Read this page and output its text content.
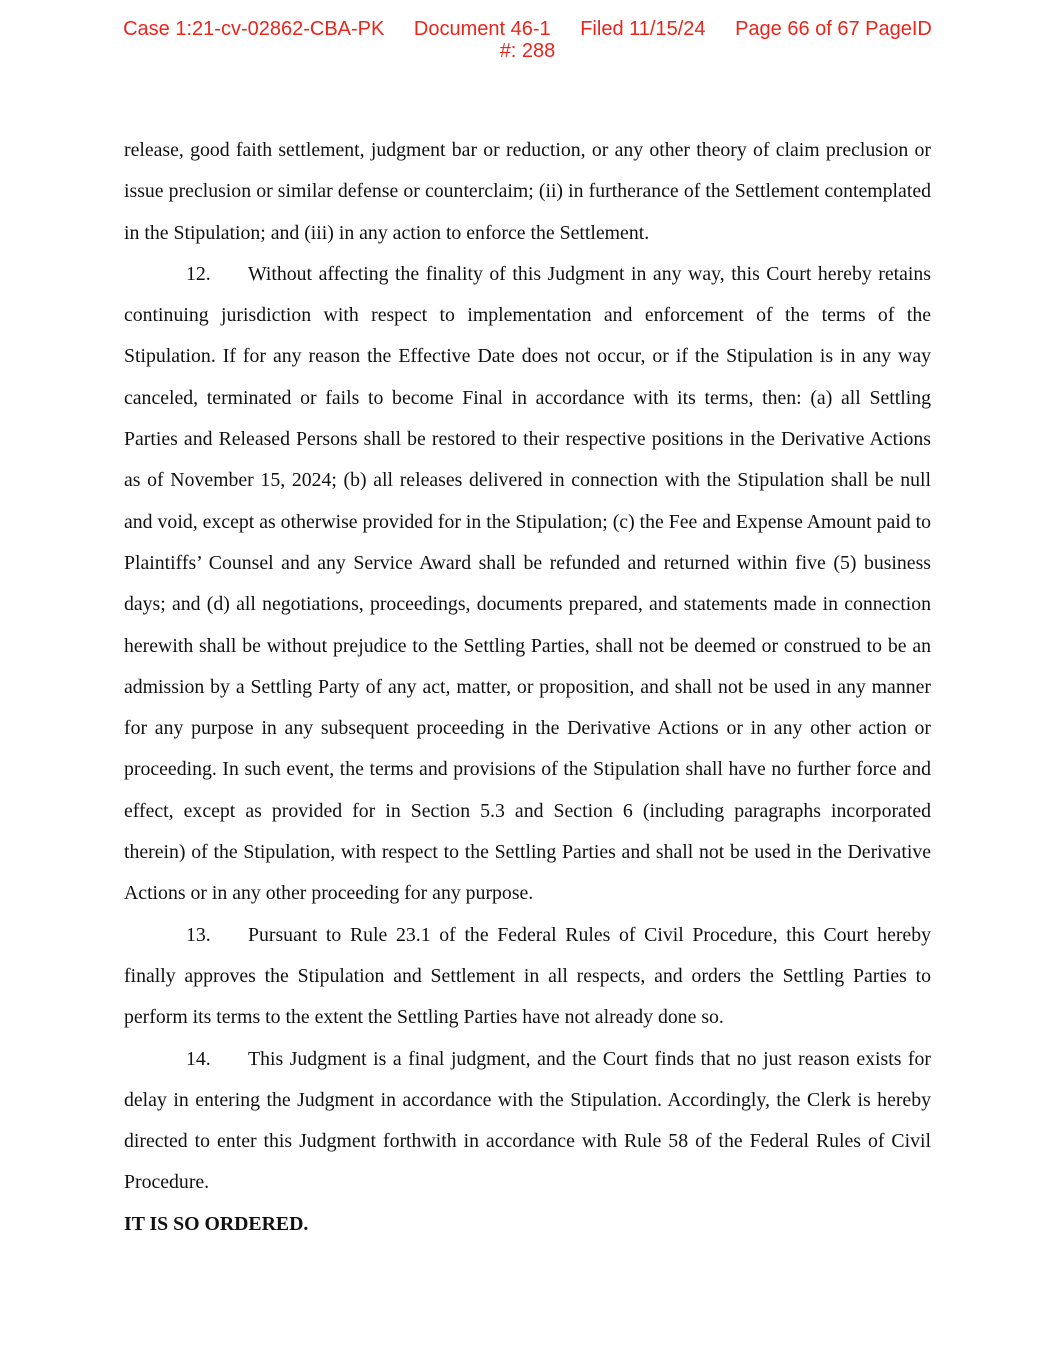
Case 1:21-cv-02862-CBA-PK Document 46-1 Filed 11/15/24 Page 66 of 67 PageID
#: 288

release, good faith settlement, judgment bar or reduction, or any other theory of claim preclusion or issue preclusion or similar defense or counterclaim; (ii) in furtherance of the Settlement contemplated in the Stipulation; and (iii) in any action to enforce the Settlement.

12. Without affecting the finality of this Judgment in any way, this Court hereby retains continuing jurisdiction with respect to implementation and enforcement of the terms of the Stipulation. If for any reason the Effective Date does not occur, or if the Stipulation is in any way canceled, terminated or fails to become Final in accordance with its terms, then: (a) all Settling Parties and Released Persons shall be restored to their respective positions in the Derivative Actions as of November 15, 2024; (b) all releases delivered in connection with the Stipulation shall be null and void, except as otherwise provided for in the Stipulation; (c) the Fee and Expense Amount paid to Plaintiffs’ Counsel and any Service Award shall be refunded and returned within five (5) business days; and (d) all negotiations, proceedings, documents prepared, and statements made in connection herewith shall be without prejudice to the Settling Parties, shall not be deemed or construed to be an admission by a Settling Party of any act, matter, or proposition, and shall not be used in any manner for any purpose in any subsequent proceeding in the Derivative Actions or in any other action or proceeding. In such event, the terms and provisions of the Stipulation shall have no further force and effect, except as provided for in Section 5.3 and Section 6 (including paragraphs incorporated therein) of the Stipulation, with respect to the Settling Parties and shall not be used in the Derivative Actions or in any other proceeding for any purpose.

13. Pursuant to Rule 23.1 of the Federal Rules of Civil Procedure, this Court hereby finally approves the Stipulation and Settlement in all respects, and orders the Settling Parties to perform its terms to the extent the Settling Parties have not already done so.

14. This Judgment is a final judgment, and the Court finds that no just reason exists for delay in entering the Judgment in accordance with the Stipulation. Accordingly, the Clerk is hereby directed to enter this Judgment forthwith in accordance with Rule 58 of the Federal Rules of Civil Procedure.

IT IS SO ORDERED.
